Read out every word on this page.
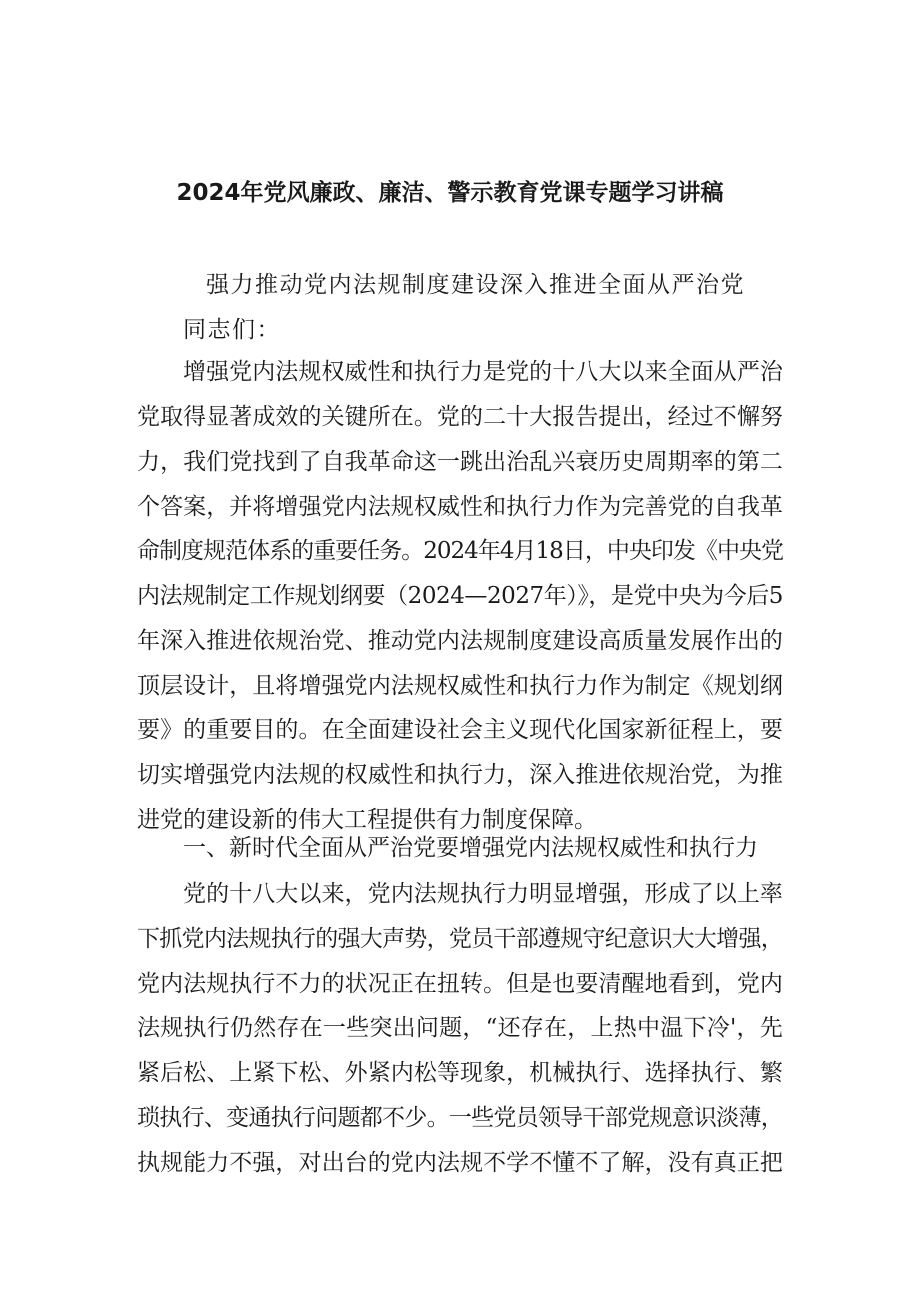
2024年党风廉政、廉洁、警示教育党课专题学习讲稿
强力推动党内法规制度建设深入推进全面从严治党
同志们：
增强党内法规权威性和执行力是党的十八大以来全面从严治
党取得显著成效的关键所在。党的二十大报告提出，经过不懈努
力，我们党找到了自我革命这一跳出治乱兴衰历史周期率的第二
个答案，并将增强党内法规权威性和执行力作为完善党的自我革
命制度规范体系的重要任务。2024年4月18日，中央印发《中央党
内法规制定工作规划纲要（2024—2027年）》，是党中央为今后5
年深入推进依规治党、推动党内法规制度建设高质量发展作出的
顶层设计，且将增强党内法规权威性和执行力作为制定《规划纲
要》的重要目的。在全面建设社会主义现代化国家新征程上，要
切实增强党内法规的权威性和执行力，深入推进依规治党，为推
进党的建设新的伟大工程提供有力制度保障。
一、新时代全面从严治党要增强党内法规权威性和执行力
党的十八大以来，党内法规执行力明显增强，形成了以上率
下抓党内法规执行的强大声势，党员干部遵规守纪意识大大增强，
党内法规执行不力的状况正在扭转。但是也要清醒地看到，党内
法规执行仍然存在一些突出问题，“还存在，上热中温下冷'，先
紧后松、上紧下松、外紧内松等现象，机械执行、选择执行、繁
琐执行、变通执行问题都不少。一些党员领导干部党规意识淡薄，
执规能力不强，对出台的党内法规不学不懂不了解，没有真正把
